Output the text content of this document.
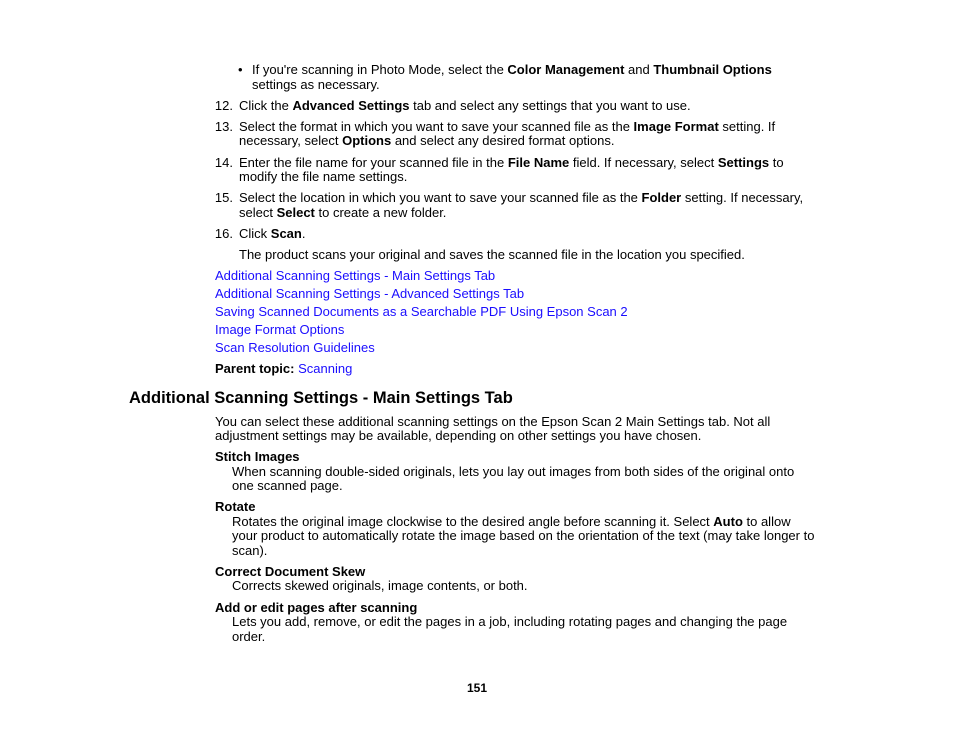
• If you're scanning in Photo Mode, select the Color Management and Thumbnail Options
settings as necessary.
12. Click the Advanced Settings tab and select any settings that you want to use.
13. Select the format in which you want to save your scanned file as the Image Format setting. If
necessary, select Options and select any desired format options.
14. Enter the file name for your scanned file in the File Name field. If necessary, select Settings to
modify the file name settings.
15. Select the location in which you want to save your scanned file as the Folder setting. If necessary,
select Select to create a new folder.
16. Click Scan.
The product scans your original and saves the scanned file in the location you specified.
Additional Scanning Settings - Main Settings Tab
Additional Scanning Settings - Advanced Settings Tab
Saving Scanned Documents as a Searchable PDF Using Epson Scan 2
Image Format Options
Scan Resolution Guidelines
Parent topic: Scanning
Additional Scanning Settings - Main Settings Tab
You can select these additional scanning settings on the Epson Scan 2 Main Settings tab. Not all
adjustment settings may be available, depending on other settings you have chosen.
Stitch Images
When scanning double-sided originals, lets you lay out images from both sides of the original onto
one scanned page.
Rotate
Rotates the original image clockwise to the desired angle before scanning it. Select Auto to allow
your product to automatically rotate the image based on the orientation of the text (may take longer to
scan).
Correct Document Skew
Corrects skewed originals, image contents, or both.
Add or edit pages after scanning
Lets you add, remove, or edit the pages in a job, including rotating pages and changing the page
order.
151
